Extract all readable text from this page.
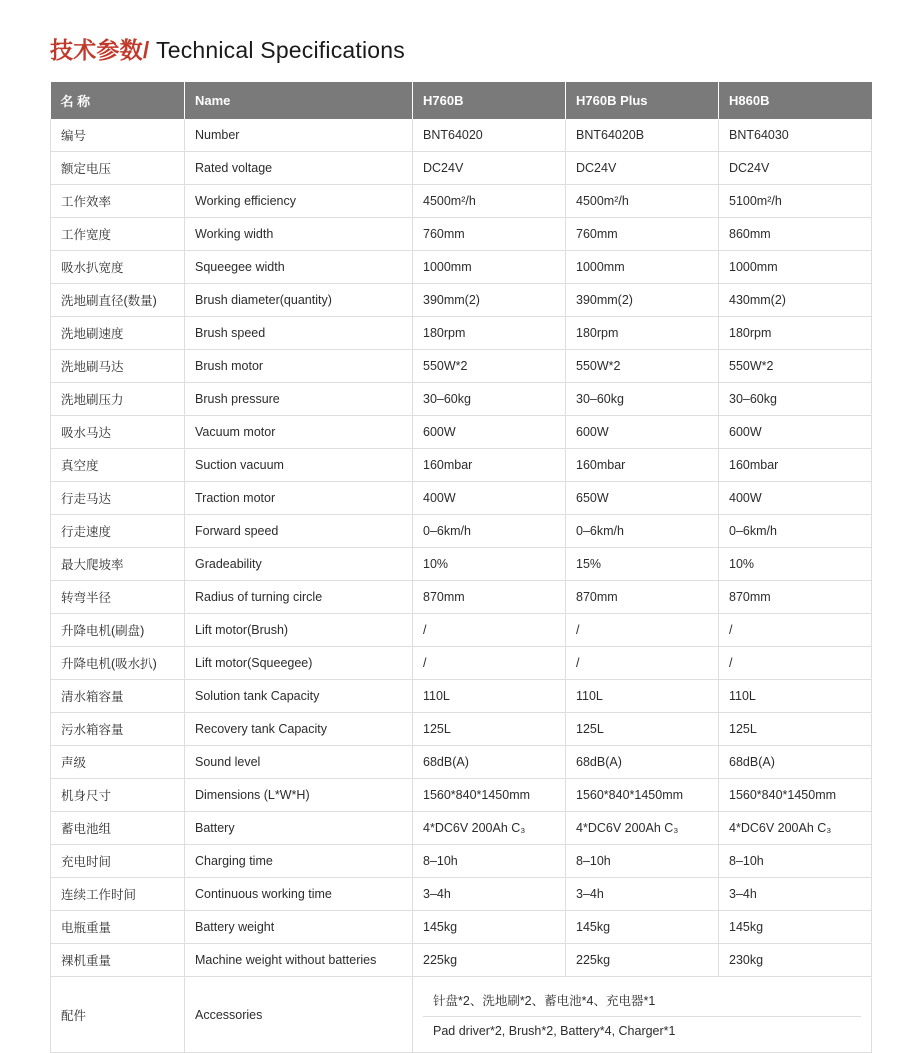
技术参数/ Technical Specifications
名 称	Name	H760B	H760B Plus	H860B
编号	Number	BNT64020	BNT64020B	BNT64030
额定电压	Rated voltage	DC24V	DC24V	DC24V
工作效率	Working efficiency	4500m²/h	4500m²/h	5100m²/h
工作宽度	Working width	760mm	760mm	860mm
吸水扒宽度	Squeegee width	1000mm	1000mm	1000mm
洗地刷直径(数量)	Brush diameter(quantity)	390mm(2)	390mm(2)	430mm(2)
洗地刷速度	Brush speed	180rpm	180rpm	180rpm
洗地刷马达	Brush motor	550W*2	550W*2	550W*2
洗地刷压力	Brush pressure	30–60kg	30–60kg	30–60kg
吸水马达	Vacuum motor	600W	600W	600W
真空度	Suction vacuum	160mbar	160mbar	160mbar
行走马达	Traction motor	400W	650W	400W
行走速度	Forward speed	0–6km/h	0–6km/h	0–6km/h
最大爬坡率	Gradeability	10%	15%	10%
转弯半径	Radius of turning circle	870mm	870mm	870mm
升降电机(刷盘)	Lift motor(Brush)	/	/	/
升降电机(吸水扒)	Lift motor(Squeegee)	/	/	/
清水箱容量	Solution tank Capacity	110L	110L	110L
污水箱容量	Recovery tank Capacity	125L	125L	125L
声级	Sound level	68dB(A)	68dB(A)	68dB(A)
机身尺寸	Dimensions (L*W*H)	1560*840*1450mm	1560*840*1450mm	1560*840*1450mm
蓄电池组	Battery	4*DC6V 200Ah C₃	4*DC6V 200Ah C₃	4*DC6V 200Ah C₃
充电时间	Charging time	8–10h	8–10h	8–10h
连续工作时间	Continuous working time	3–4h	3–4h	3–4h
电瓶重量	Battery weight	145kg	145kg	145kg
裸机重量	Machine weight without batteries	225kg	225kg	230kg
配件	Accessories	针盘*2、洗地刷*2、蓄电池*4、充电器*1
Pad driver*2, Brush*2, Battery*4, Charger*1		
